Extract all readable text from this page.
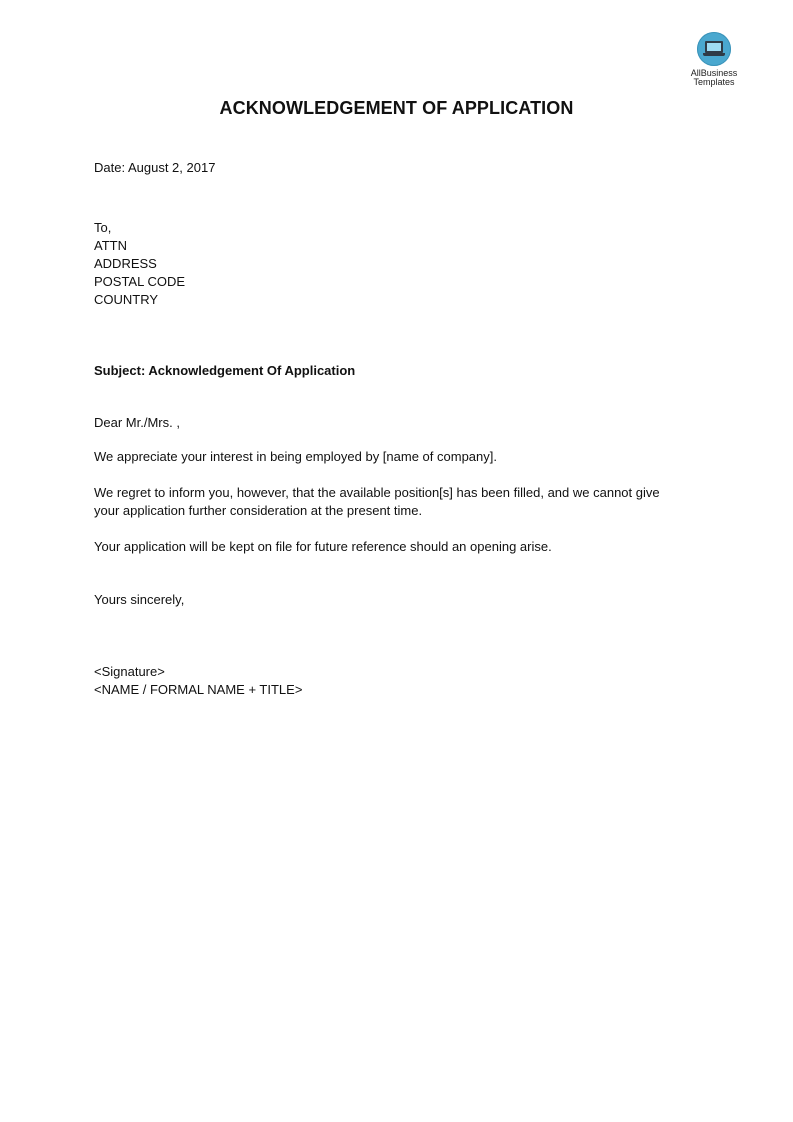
AllBusiness
Templates
ACKNOWLEDGEMENT OF APPLICATION
Date: August 2, 2017
To,
ATTN
ADDRESS
POSTAL CODE
COUNTRY
Subject: Acknowledgement Of Application
Dear Mr./Mrs. ,
We appreciate your interest in being employed by [name of company].
We regret to inform you, however, that the available position[s] has been filled, and we cannot give
your application further consideration at the present time.
Your application will be kept on file for future reference should an opening arise.
Yours sincerely,
<Signature>
<NAME / FORMAL NAME + TITLE>
